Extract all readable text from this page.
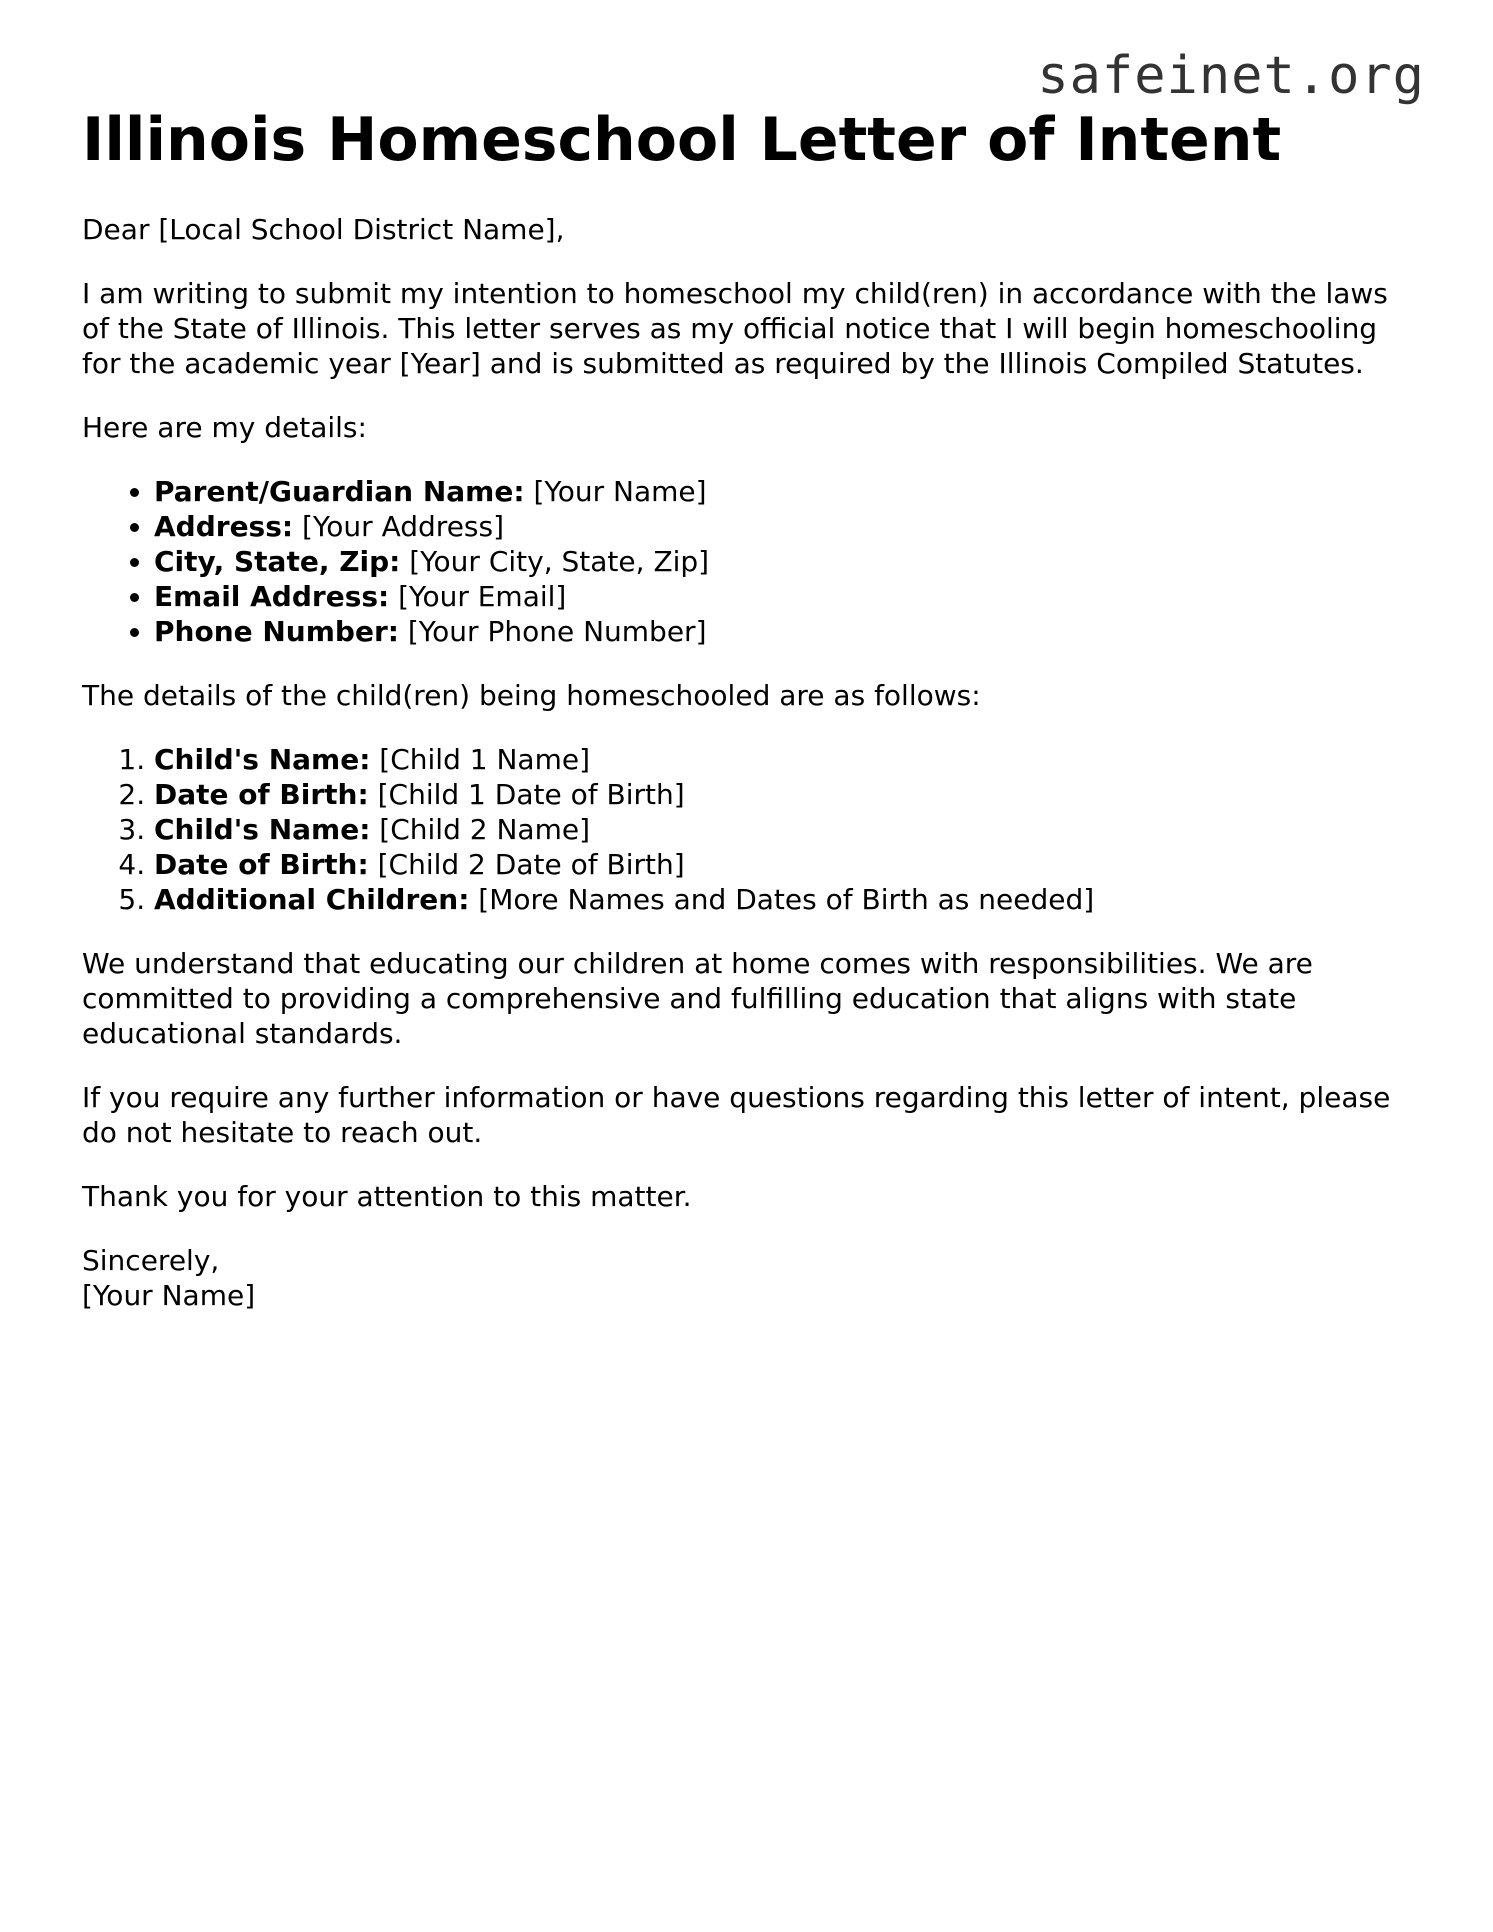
safeinet.org
Illinois Homeschool Letter of Intent

Dear [Local School District Name],

I am writing to submit my intention to homeschool my child(ren) in accordance with the laws of the State of Illinois. This letter serves as my official notice that I will begin homeschooling for the academic year [Year] and is submitted as required by the Illinois Compiled Statutes.

Here are my details:

• Parent/Guardian Name: [Your Name]
• Address: [Your Address]
• City, State, Zip: [Your City, State, Zip]
• Email Address: [Your Email]
• Phone Number: [Your Phone Number]

The details of the child(ren) being homeschooled are as follows:

1. Child's Name: [Child 1 Name]
2. Date of Birth: [Child 1 Date of Birth]
3. Child's Name: [Child 2 Name]
4. Date of Birth: [Child 2 Date of Birth]
5. Additional Children: [More Names and Dates of Birth as needed]

We understand that educating our children at home comes with responsibilities. We are committed to providing a comprehensive and fulfilling education that aligns with state educational standards.

If you require any further information or have questions regarding this letter of intent, please do not hesitate to reach out.

Thank you for your attention to this matter.

Sincerely,
[Your Name]
